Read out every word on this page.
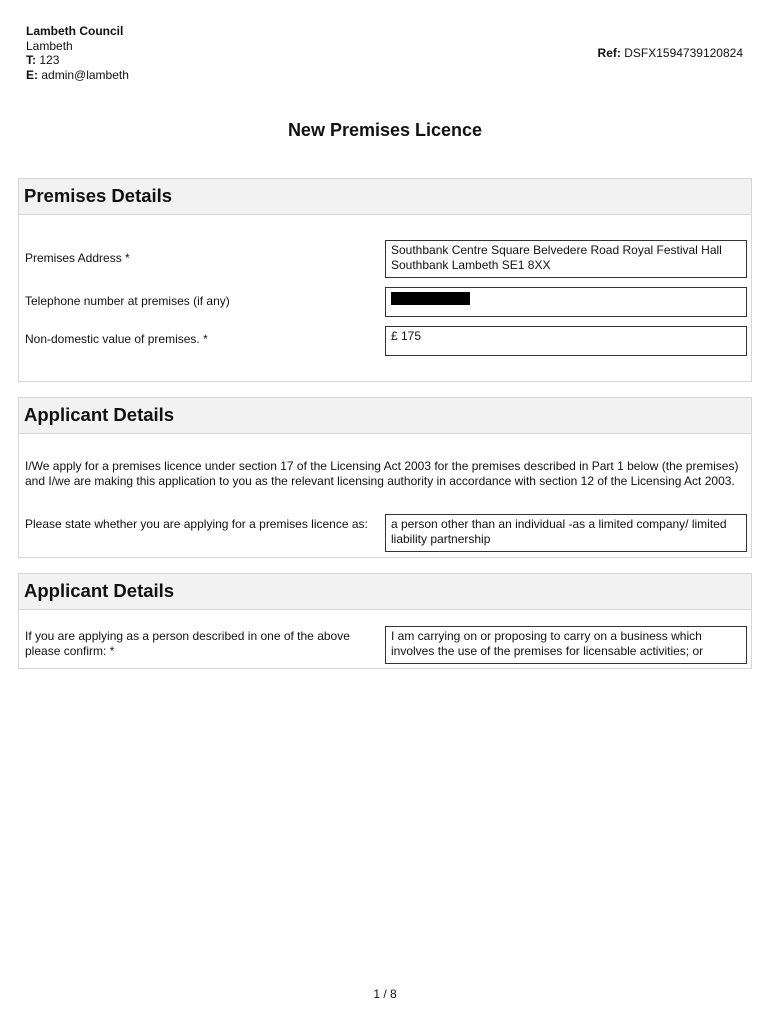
Lambeth Council
Lambeth
T: 123
E: admin@lambeth
Ref: DSFX1594739120824
New Premises Licence
Premises Details
Premises Address *
Southbank Centre Square Belvedere Road Royal Festival Hall Southbank Lambeth SE1 8XX
Telephone number at premises (if any)
Non-domestic value of premises. *	£ 175
Applicant Details
I/We apply for a premises licence under section 17 of the Licensing Act 2003 for the premises described in Part 1 below (the premises) and I/we are making this application to you as the relevant licensing authority in accordance with section 12 of the Licensing Act 2003.
Please state whether you are applying for a premises licence as:	a person other than an individual -as a limited company/ limited liability partnership
Applicant Details
If you are applying as a person described in one of the above please confirm: *
I am carrying on or proposing to carry on a business which involves the use of the premises for licensable activities; or
1 / 8
